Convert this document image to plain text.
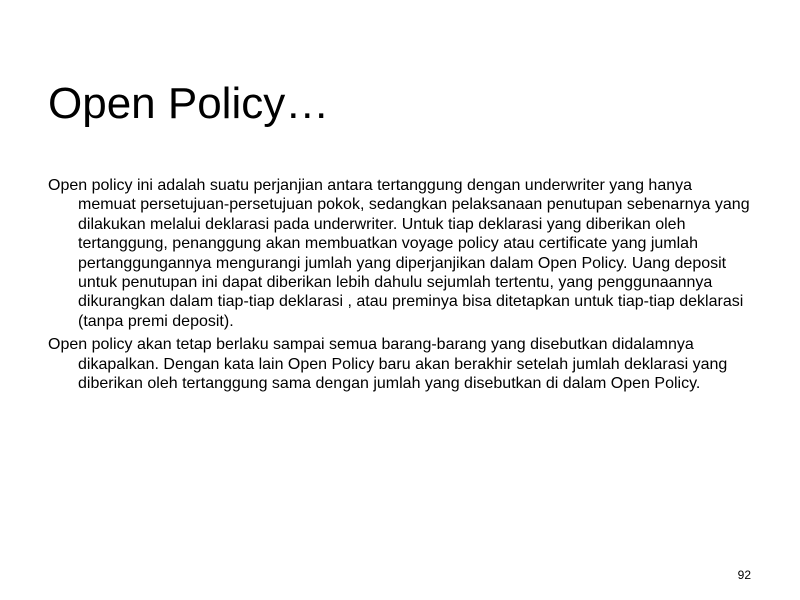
Open Policy…
Open policy ini adalah suatu perjanjian antara tertanggung dengan underwriter yang hanya memuat persetujuan-persetujuan pokok, sedangkan pelaksanaan penutupan sebenarnya yang dilakukan melalui deklarasi pada underwriter. Untuk tiap deklarasi yang diberikan oleh tertanggung, penanggung akan membuatkan voyage policy atau certificate yang jumlah pertanggungannya mengurangi jumlah yang diperjanjikan dalam Open Policy. Uang deposit untuk penutupan ini dapat diberikan lebih dahulu sejumlah tertentu, yang penggunaannya dikurangkan dalam tiap-tiap deklarasi , atau preminya bisa ditetapkan untuk tiap-tiap deklarasi (tanpa premi deposit).
Open policy akan tetap berlaku sampai semua barang-barang yang disebutkan didalamnya dikapalkan. Dengan kata lain Open Policy baru akan berakhir setelah jumlah deklarasi yang diberikan oleh tertanggung sama dengan jumlah yang disebutkan di dalam Open Policy.
92
